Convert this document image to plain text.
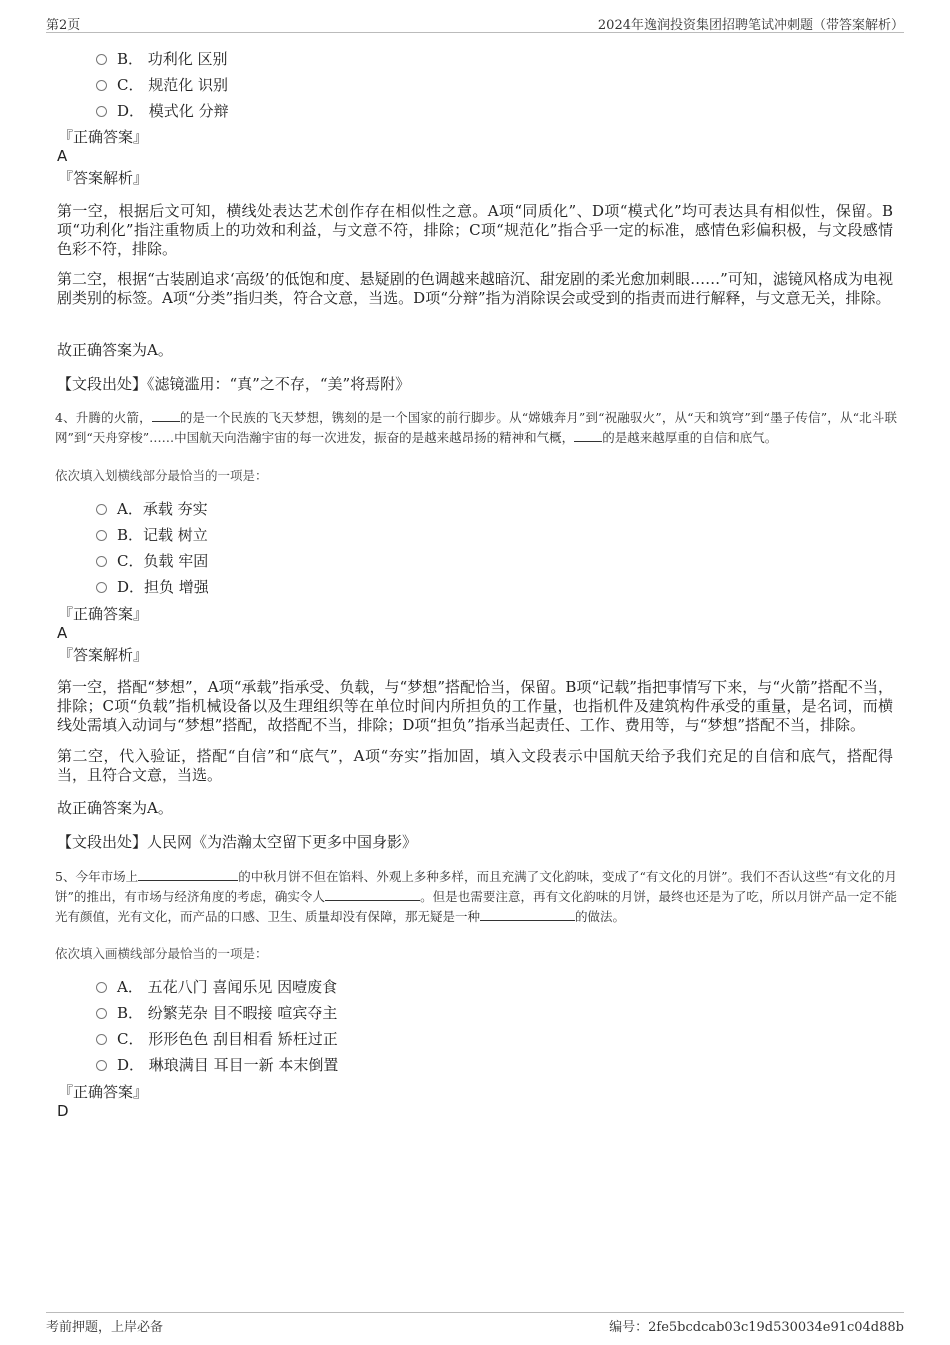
第2页	2024年逸润投资集团招聘笔试冲刺题（带答案解析）
B． 功利化 区别
C． 规范化 识别
D． 模式化 分辩
『正确答案』
A
『答案解析』
第一空，根据后文可知，横线处表达艺术创作存在相似性之意。A项“同质化”、D项“模式化”均可表达具有相似性，保留。B项“功利化”指注重物质上的功效和利益，与文意不符，排除；C项“规范化”指合乎一定的标准，感情色彩偏积极，与文段感情色彩不符，排除。
第二空，根据“古装剧追求‘高级’的低饱和度、悬疑剧的色调越来越暗沉、甜宠剧的柔光愈加刺眼……”可知，滤镜风格成为电视剧类别的标签。A项“分类”指归类，符合文意，当选。D项“分辩”指为消除误会或受到的指责而进行解释，与文意无关，排除。
故正确答案为A。
【文段出处】《滤镜滥用：“真”之不存，“美”将焉附》
4、升腾的火箭， 的是一个民族的飞天梦想，镌刻的是一个国家的前行脚步。从“嫦娥奔月”到“祝融驭火”，从“天和筑穹”到“墨子传信”，从“北斗联网”到“天舟穿梭”……中国航天向浩瀚宇宙的每一次进发，振奋的是越来越昂扬的精神和气概， 的是越来越厚重的自信和底气。
依次填入划横线部分最恰当的一项是：
A．承载 夯实
B．记载 树立
C．负载 牢固
D．担负 增强
『正确答案』
A
『答案解析』
第一空，搭配“梦想”，A项“承载”指承受、负载，与“梦想”搭配恰当，保留。B项“记载”指把事情写下来，与“火箭”搭配不当，排除；C项“负载”指机械设备以及生理组织等在单位时间内所担负的工作量，也指机件及建筑构件承受的重量，是名词，而横线处需填入动词与“梦想”搭配，故搭配不当，排除；D项“担负”指承当起责任、工作、费用等，与“梦想”搭配不当，排除。
第二空，代入验证，搭配“自信”和“底气”，A项“夯实”指加固，填入文段表示中国航天给予我们充足的自信和底气，搭配得当，且符合文意，当选。
故正确答案为A。
【文段出处】人民网《为浩瀚太空留下更多中国身影》
5、今年市场上	的中秋月饼不但在馅料、外观上多种多样，而且充满了文化韵味，变成了“有文化的月饼”。我们不否认这些“有文化的月饼”的推出，有市场与经济角度的考虑，确实令人	。但是也需要注意，再有文化韵味的月饼，最终也还是为了吃，所以月饼产品一定不能光有颜值，光有文化，而产品的口感、卫生、质量却没有保障，那无疑是一种	的做法。
依次填入画横线部分最恰当的一项是：
A． 五花八门 喜闻乐见 因噎废食
B． 纷繁芜杂 目不暇接 喧宾夺主
C． 形形色色 刮目相看 矫枉过正
D． 琳琅满目 耳目一新 本末倒置
『正确答案』
D
考前押题，上岸必备	编号：2fe5bcdcab03c19d530034e91c04d88b
